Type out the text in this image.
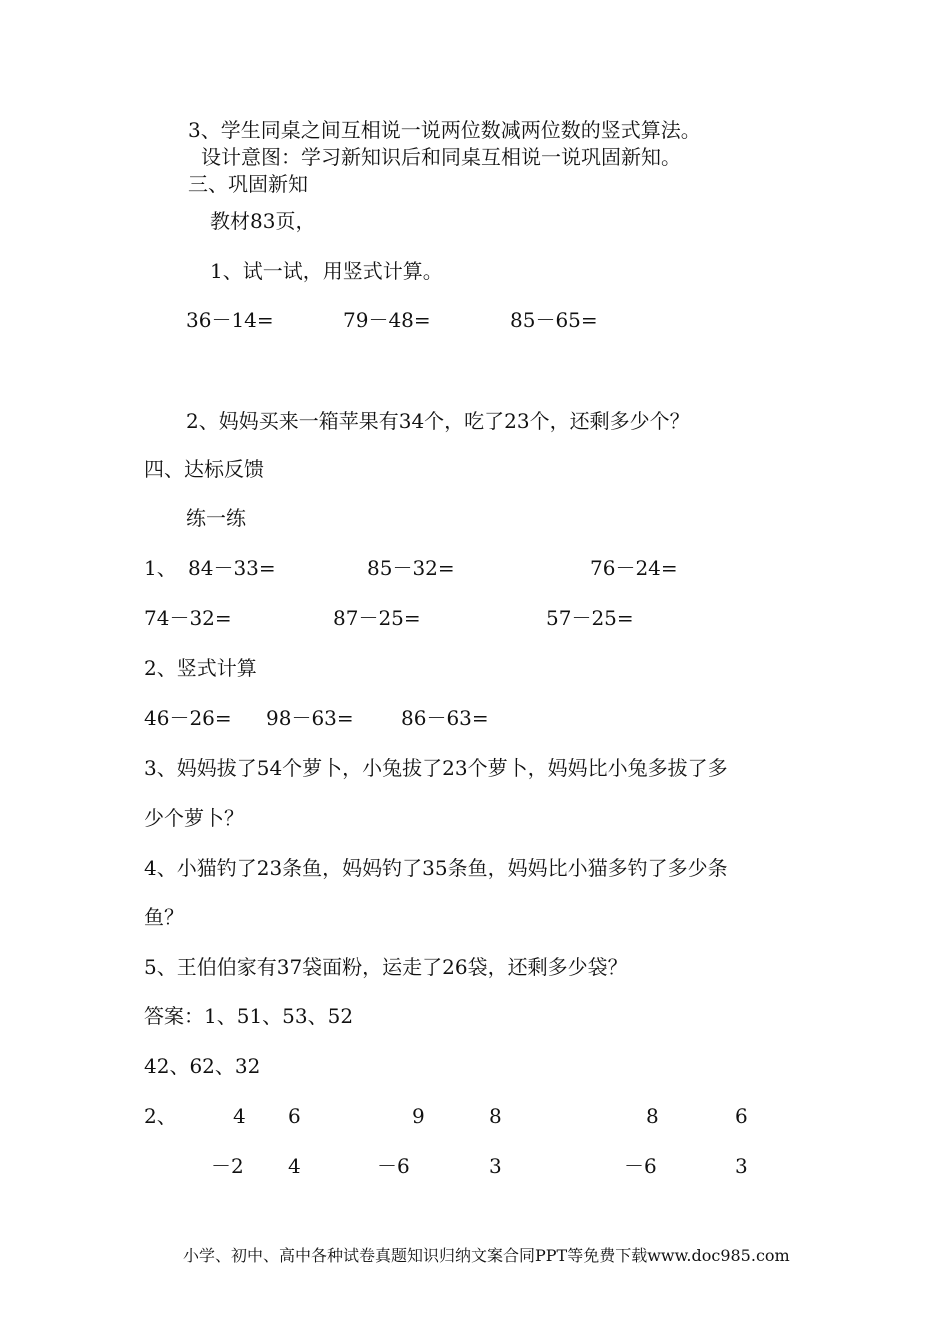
3、学生同桌之间互相说一说两位数减两位数的竖式算法。
设计意图：学习新知识后和同桌互相说一说巩固新知。
三、巩固新知
教材83页，
1、试一试，用竖式计算。
36－14=	79－48=	85－65=
2、妈妈买来一箱苹果有34个，吃了23个，还剩多少个？
四、达标反馈
练一练
1、 84－33=	85－32=	76－24=
74－32=	87－25=	57－25=
2、竖式计算
46－26= 98－63= 86－63=
3、妈妈拔了54个萝卜，小兔拔了23个萝卜，妈妈比小兔多拔了多
少个萝卜？
4、小猫钓了23条鱼，妈妈钓了35条鱼，妈妈比小猫多钓了多少条
鱼？
5、王伯伯家有37袋面粉，运走了26袋，还剩多少袋？
答案：1、51、53、52
42、62、32
2、	4 6	9	8	8	6
－2 4	－6	3	－6	3
小学、初中、高中各种试卷真题知识归纳文案合同PPT等免费下载www.doc985.com
